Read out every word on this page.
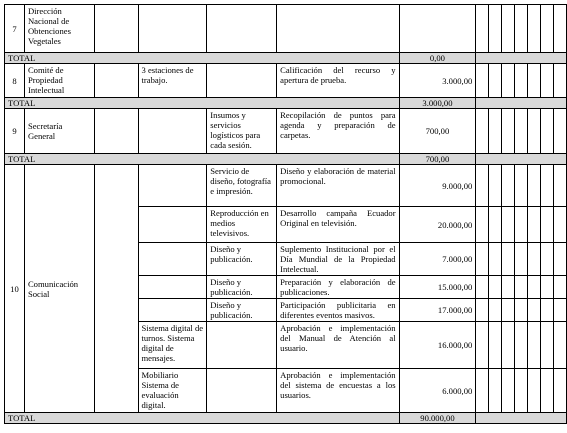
7	Dirección Nacional de Obtenciones Vegetales												
TOTAL						0,00							
8	Comité de Propiedad Intelectual		3 estaciones de trabajo.		Calificación del recurso y apertura de prueba.	3.000,00							
TOTAL						3.000,00							
9	Secretaría General			Insumos y servicios logísticos para cada sesión.	Recopilación de puntos para agenda y preparación de carpetas.	700,00							
TOTAL						700,00							
10	Comunicación Social			Servicio de diseño, fotografía e impresión.	Diseño y elaboración de material promocional.	9.000,00							
				Reproducción en medios televisivos.	Desarrollo campaña Ecuador Original en televisión.	20.000,00							
				Diseño y publicación.	Suplemento Institucional por el Día Mundial de la Propiedad Intelectual.	7.000,00							
				Diseño y publicación.	Preparación y elaboración de publicaciones.	15.000,00							
				Diseño y publicación.	Participación publicitaria en diferentes eventos masivos.	17.000,00							
			Sistema digital de turnos. Sistema digital de mensajes.		Aprobación e implementación del Manual de Atención al usuario.	16.000,00							
			Mobiliario Sistema de evaluación digital.		Aprobación e implementación del sistema de encuestas a los usuarios.	6.000,00							
TOTAL						90.000,00							
